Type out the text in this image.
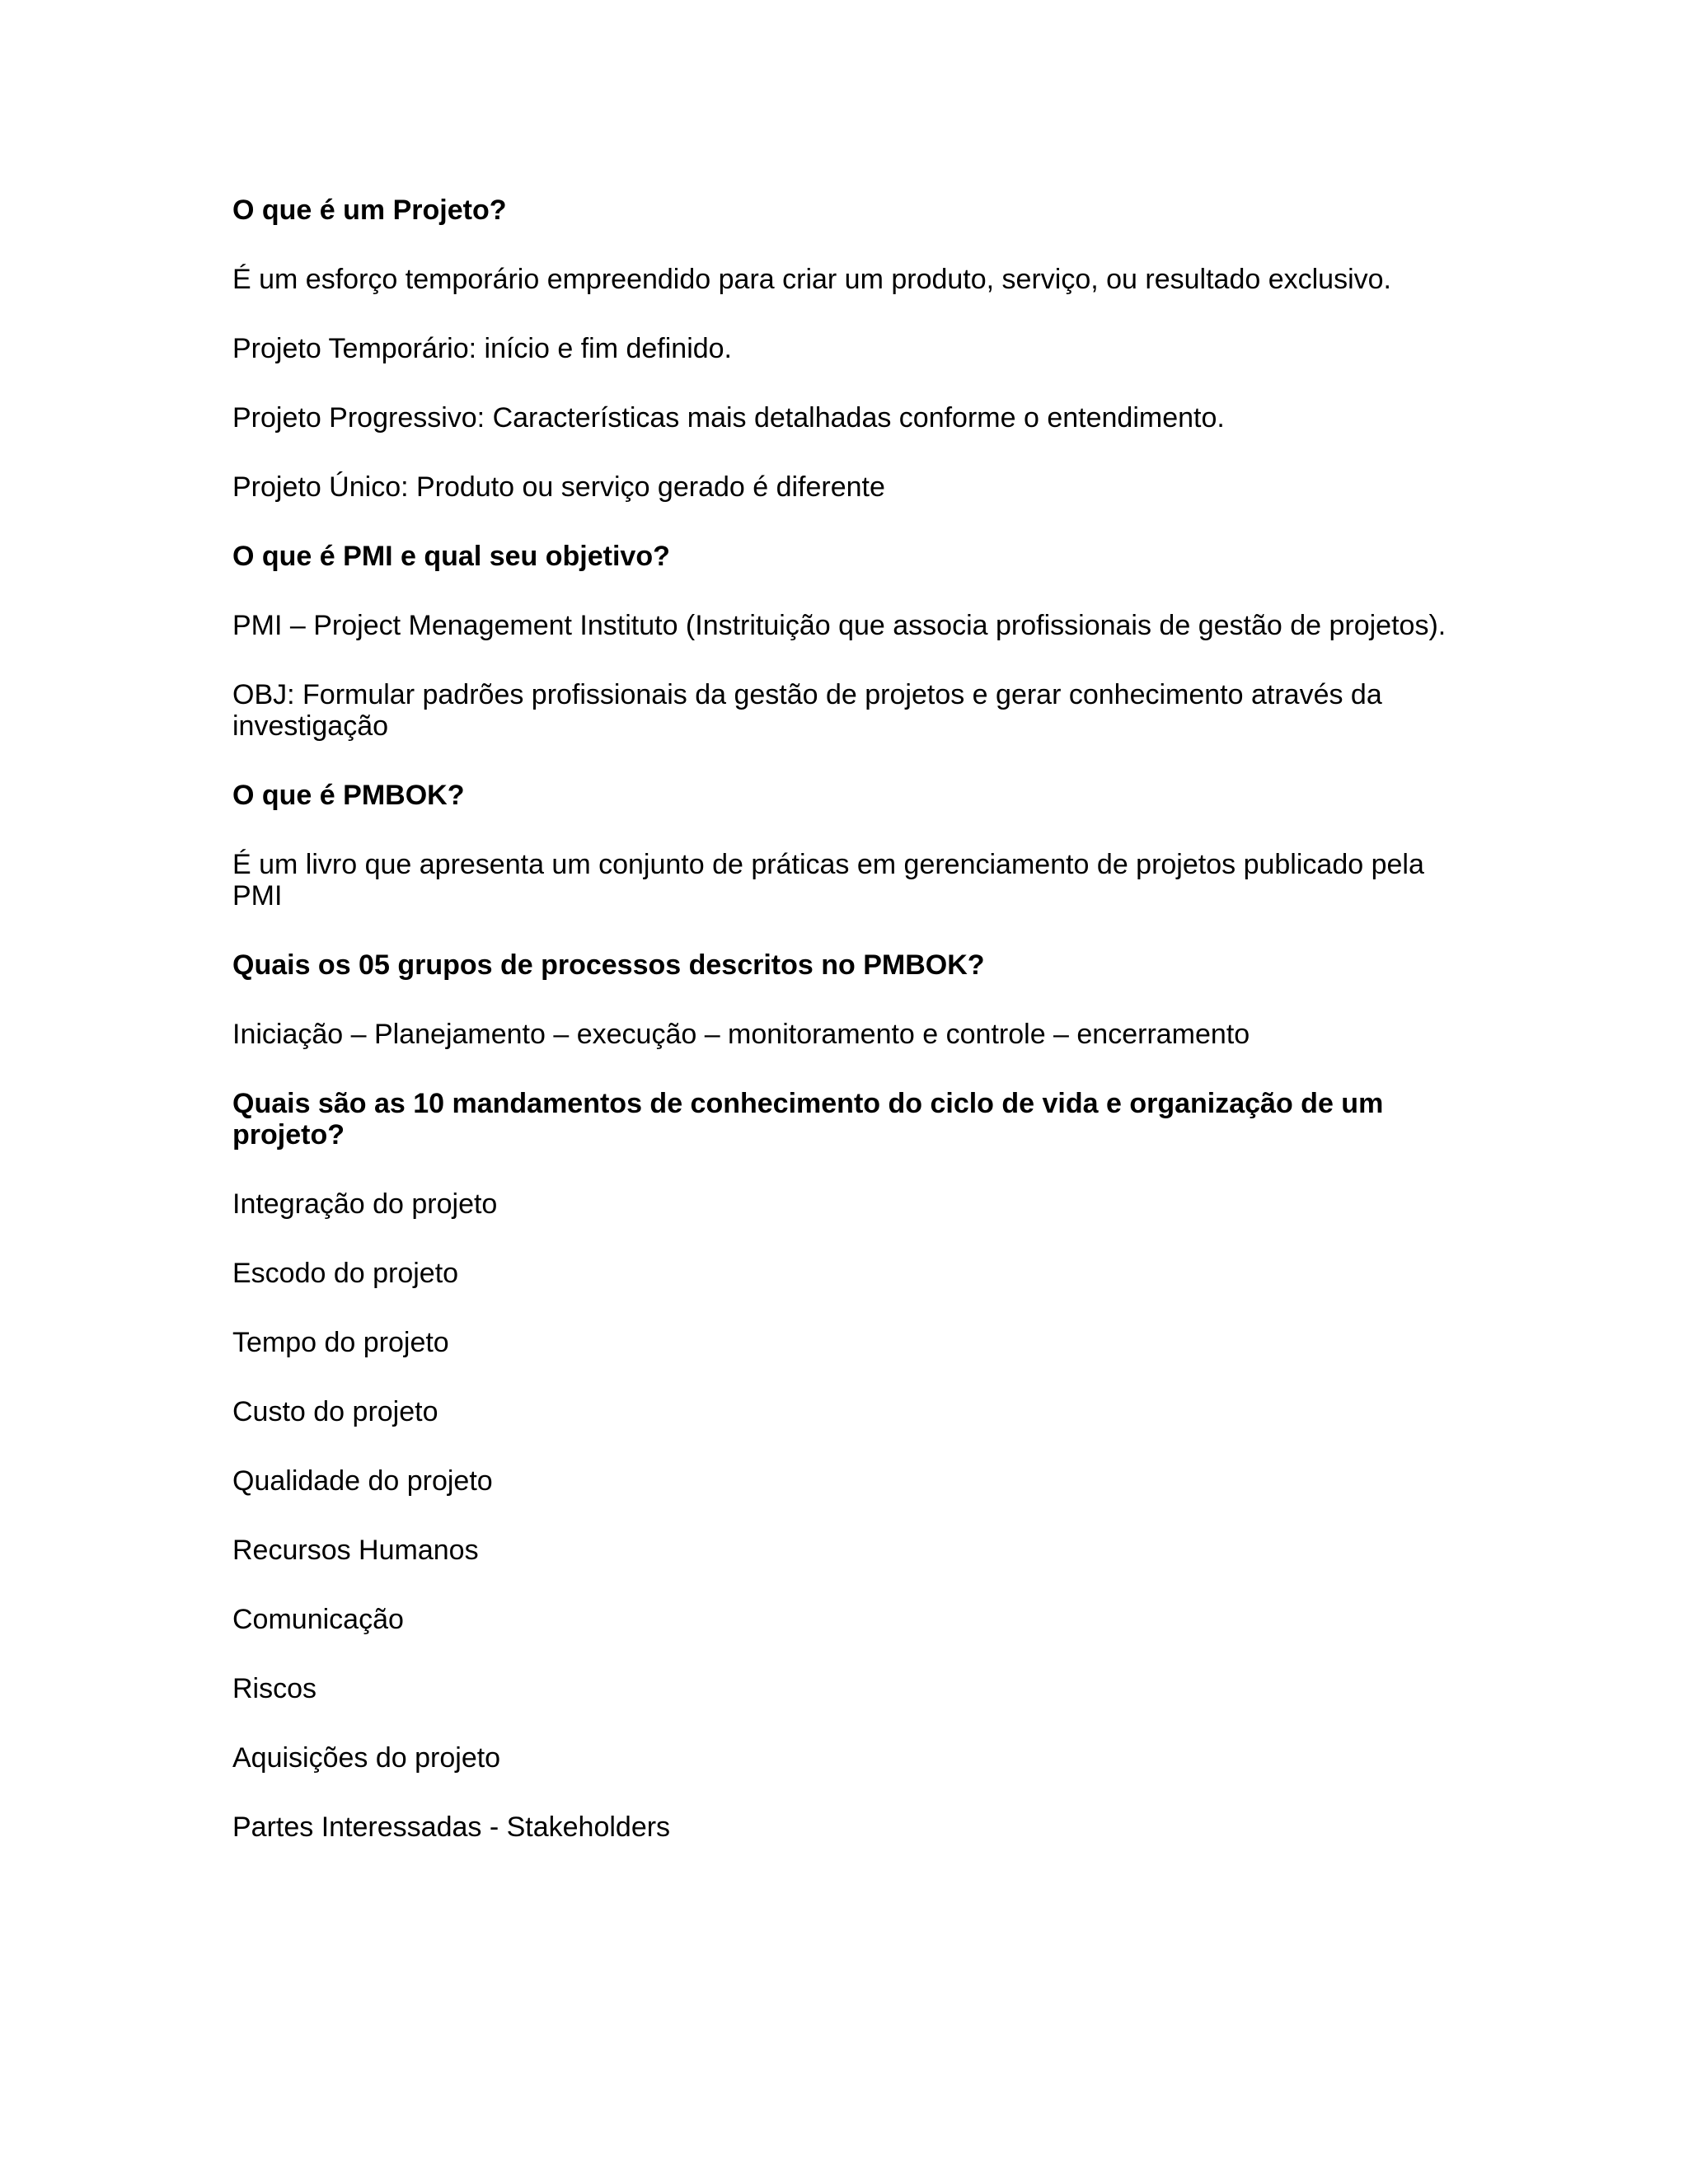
O que é um Projeto?

É um esforço temporário empreendido para criar um produto, serviço, ou resultado exclusivo.

Projeto Temporário: início e fim definido.

Projeto Progressivo: Características mais detalhadas conforme o entendimento.

Projeto Único: Produto ou serviço gerado é diferente

O que é PMI e qual seu objetivo?

PMI – Project Menagement Instituto (Instrituição que associa profissionais de gestão de projetos).

OBJ: Formular padrões profissionais da gestão de projetos e gerar conhecimento através da investigação

O que é PMBOK?

É um livro que apresenta um conjunto de práticas em gerenciamento de projetos publicado pela PMI

Quais os 05 grupos de processos descritos no PMBOK?

Iniciação – Planejamento – execução – monitoramento e controle – encerramento

Quais são as 10 mandamentos de conhecimento do ciclo de vida e organização de um projeto?

Integração do projeto

Escodo do projeto

Tempo do projeto

Custo do projeto

Qualidade do projeto

Recursos Humanos

Comunicação

Riscos

Aquisições do projeto

Partes Interessadas - Stakeholders
